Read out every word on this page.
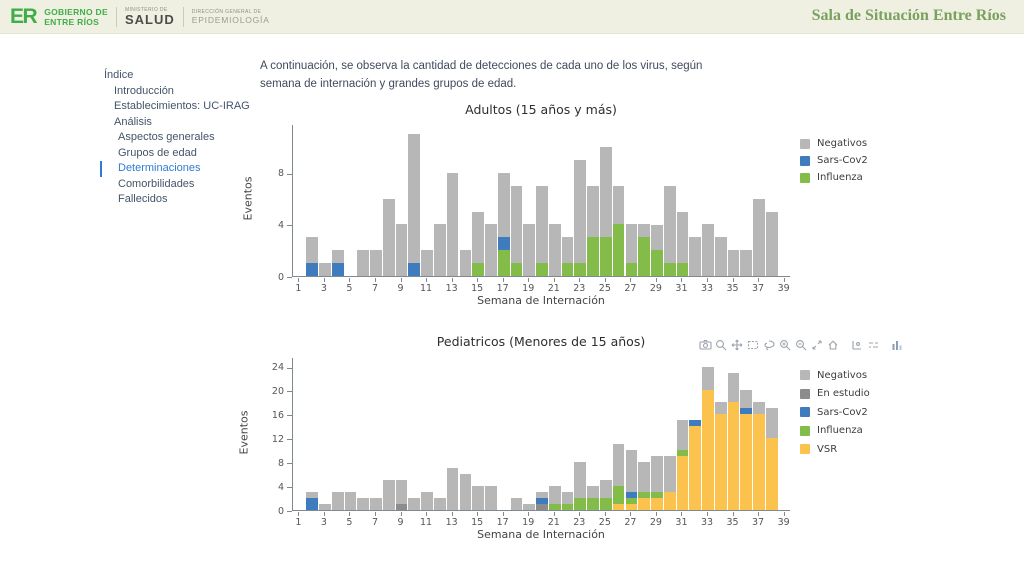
ER GOBIERNO DE
ENTRE RÍOS
MINISTERIO DE
SALUD	DIRECCIÓN GENERAL DE
EPIDEMIOLOGÍA	Sala de Situación Entre Ríos
Índice
Introducción
Establecimientos: UC-IRAG
Análisis
Aspectos generales
Grupos de edad
Determinaciones
Comorbilidades
Fallecidos

A continuación, se observa la cantidad de detecciones de cada uno de los virus, según semana de internación y grandes grupos de edad.

Adultos (15 años y más)
Eventos
Semana de Internación
0
4
8
1	3	5	7	9	11	13	15	17	19	21	23	25	27	29	31	33	35	37	39
Negativos
Sars-Cov2
Influenza
Pediatricos (Menores de 15 años)
Eventos
Semana de Internación
0
4
8
12
16
20
24
1	3	5	7	9	11	13	15	17	19	21	23	25	27	29	31	33	35	37	39
Negativos
En estudio
Sars-Cov2
Influenza
VSR
